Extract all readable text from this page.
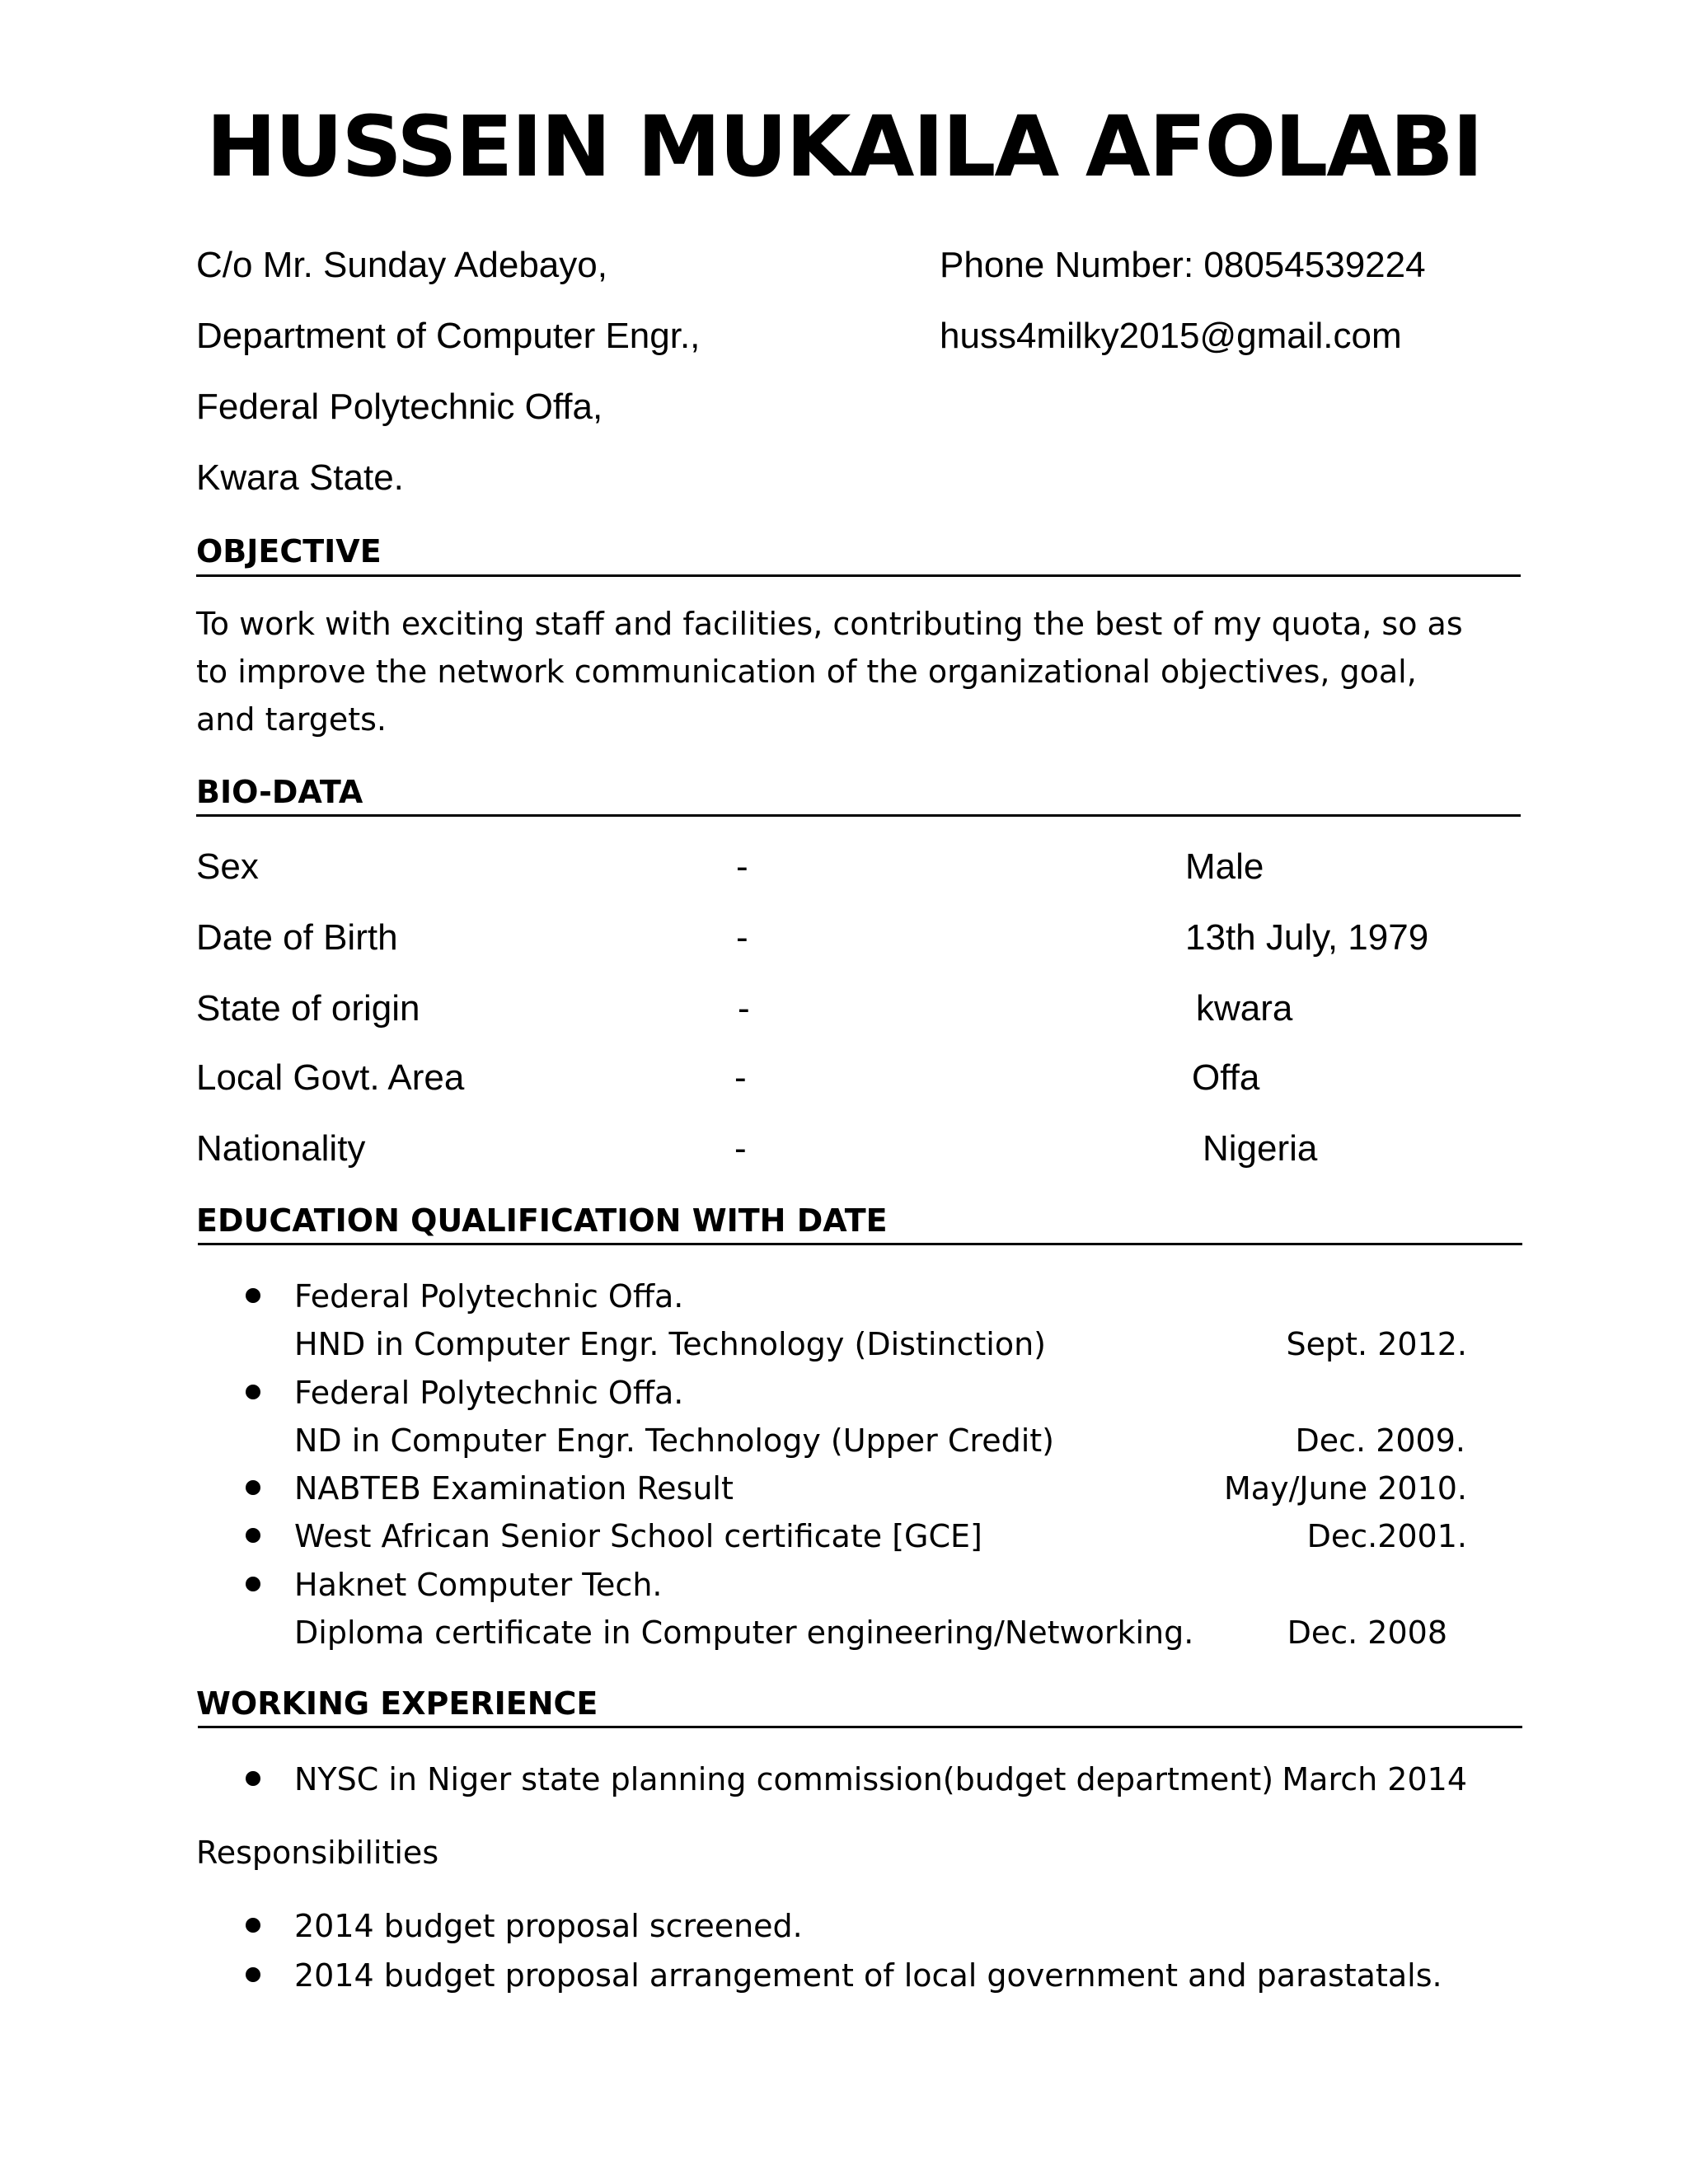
HUSSEIN MUKAILA AFOLABI
C/o Mr. Sunday Adebayo,
Department of Computer Engr.,
Federal Polytechnic Offa,
Kwara State.
Phone Number: 08054539224
huss4milky2015@gmail.com
OBJECTIVE
To work with exciting staff and facilities, contributing the best of my quota, so as
to improve the network communication of the organizational objectives, goal,
and targets.
BIO-DATA
Sex	-	Male
Date of Birth	-	13th July, 1979
State of origin	-	kwara
Local Govt. Area	-	Offa
Nationality	-	Nigeria
EDUCATION QUALIFICATION WITH DATE
Federal Polytechnic Offa.
HND in Computer Engr. Technology (Distinction)	Sept. 2012.
Federal Polytechnic Offa.
ND in Computer Engr. Technology (Upper Credit)	Dec. 2009.
NABTEB Examination Result	May/June 2010.
West African Senior School certificate [GCE]	Dec.2001.
Haknet Computer Tech.
Diploma certificate in Computer engineering/Networking.	Dec. 2008
WORKING EXPERIENCE
NYSC in Niger state planning commission(budget department) March 2014
Responsibilities
2014 budget proposal screened.
2014 budget proposal arrangement of local government and parastatals.
